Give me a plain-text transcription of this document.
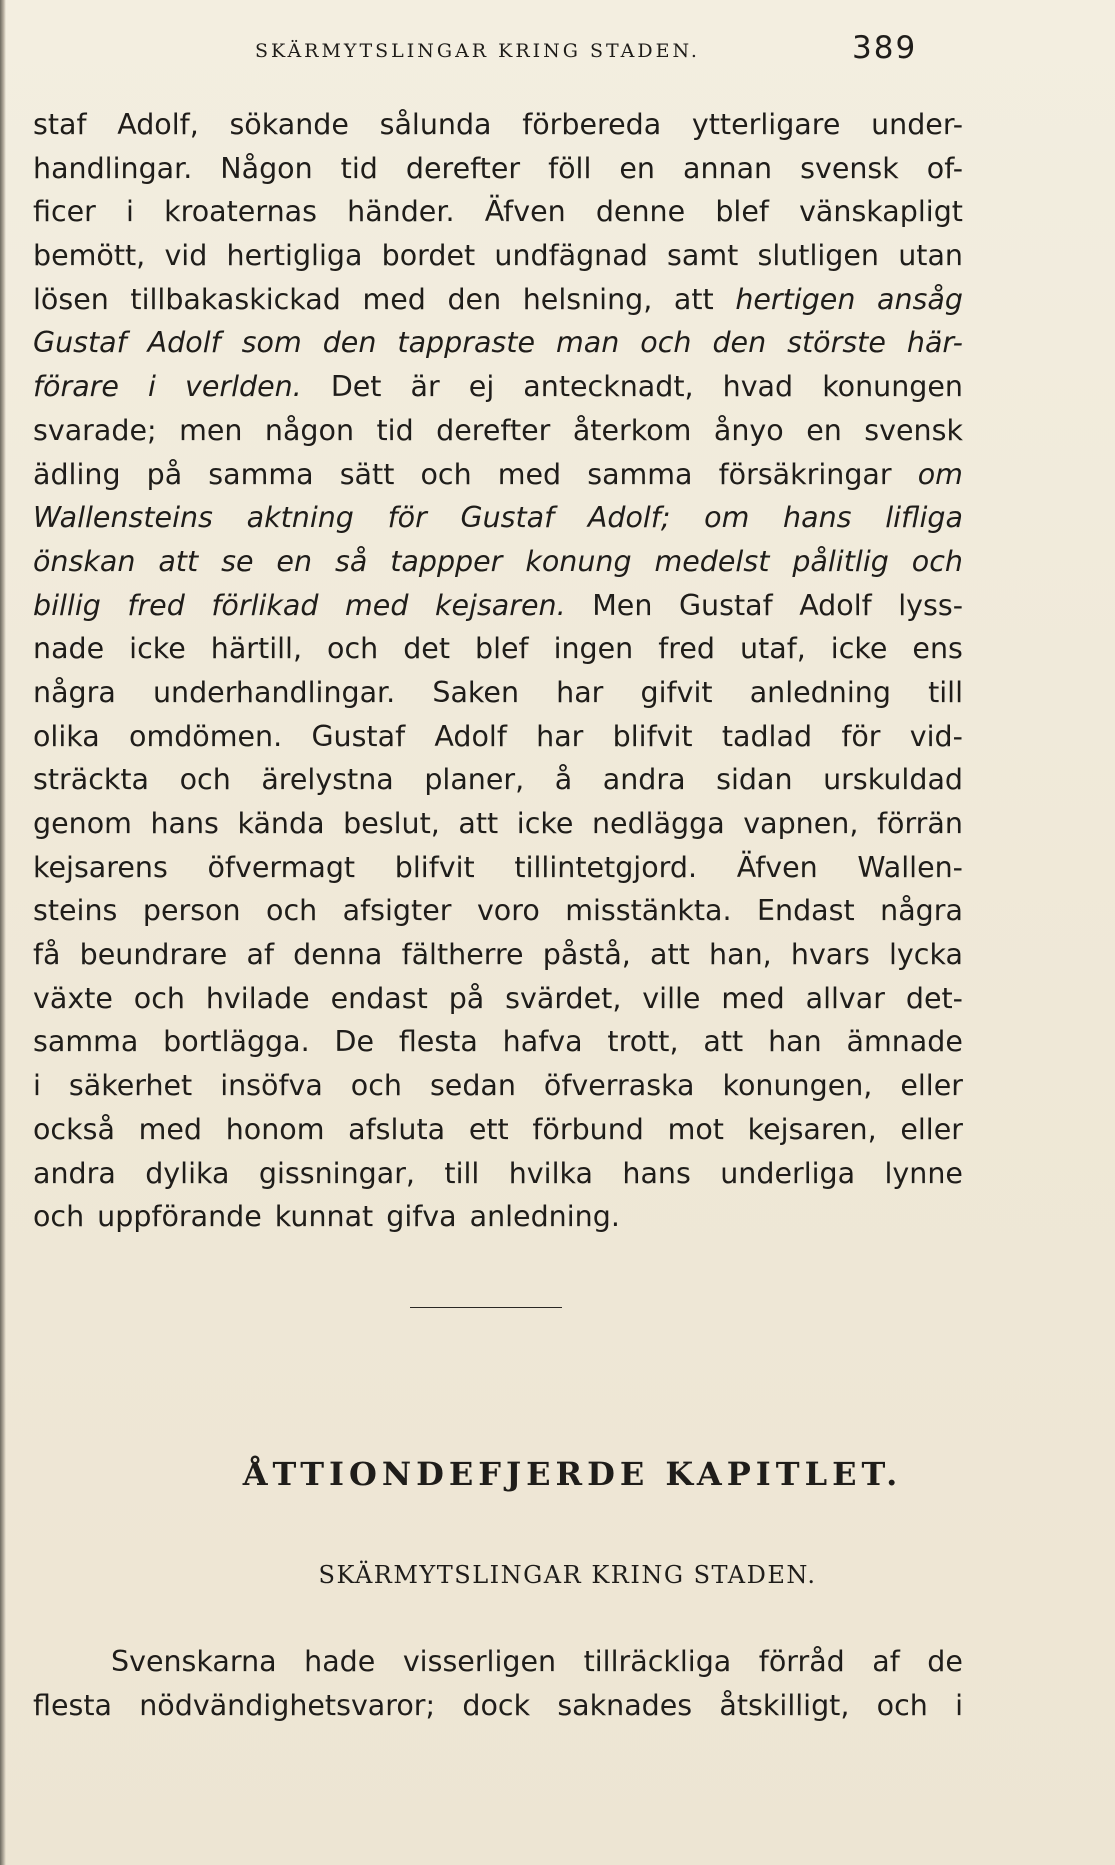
SKÄRMYTSLINGAR KRING STADEN.	389
staf Adolf, sökande sålunda förbereda ytterligare under-
handlingar. Någon tid derefter föll en annan svensk of-
ficer i kroaternas händer. Äfven denne blef vänskapligt
bemött, vid hertigliga bordet undfägnad samt slutligen utan
lösen tillbakaskickad med den helsning, att hertigen ansåg
Gustaf Adolf som den tappraste man och den störste här-
förare i verlden. Det är ej antecknadt, hvad konungen
svarade; men någon tid derefter återkom ånyo en svensk
ädling på samma sätt och med samma försäkringar om
Wallensteins aktning för Gustaf Adolf; om hans lifliga
önskan att se en så tappper konung medelst pålitlig och
billig fred förlikad med kejsaren. Men Gustaf Adolf lyss-
nade icke härtill, och det blef ingen fred utaf, icke ens
några underhandlingar. Saken har gifvit anledning till
olika omdömen. Gustaf Adolf har blifvit tadlad för vid-
sträckta och ärelystna planer, å andra sidan urskuldad
genom hans kända beslut, att icke nedlägga vapnen, förrän
kejsarens öfvermagt blifvit tillintetgjord. Äfven Wallen-
steins person och afsigter voro misstänkta. Endast några
få beundrare af denna fältherre påstå, att han, hvars lycka
växte och hvilade endast på svärdet, ville med allvar det-
samma bortlägga. De flesta hafva trott, att han ämnade
i säkerhet insöfva och sedan öfverraska konungen, eller
också med honom afsluta ett förbund mot kejsaren, eller
andra dylika gissningar, till hvilka hans underliga lynne
och uppförande kunnat gifva anledning.
ÅTTIONDEFJERDE KAPITLET.
SKÄRMYTSLINGAR KRING STADEN.
Svenskarna hade visserligen tillräckliga förråd af de
flesta nödvändighetsvaror; dock saknades åtskilligt, och i
